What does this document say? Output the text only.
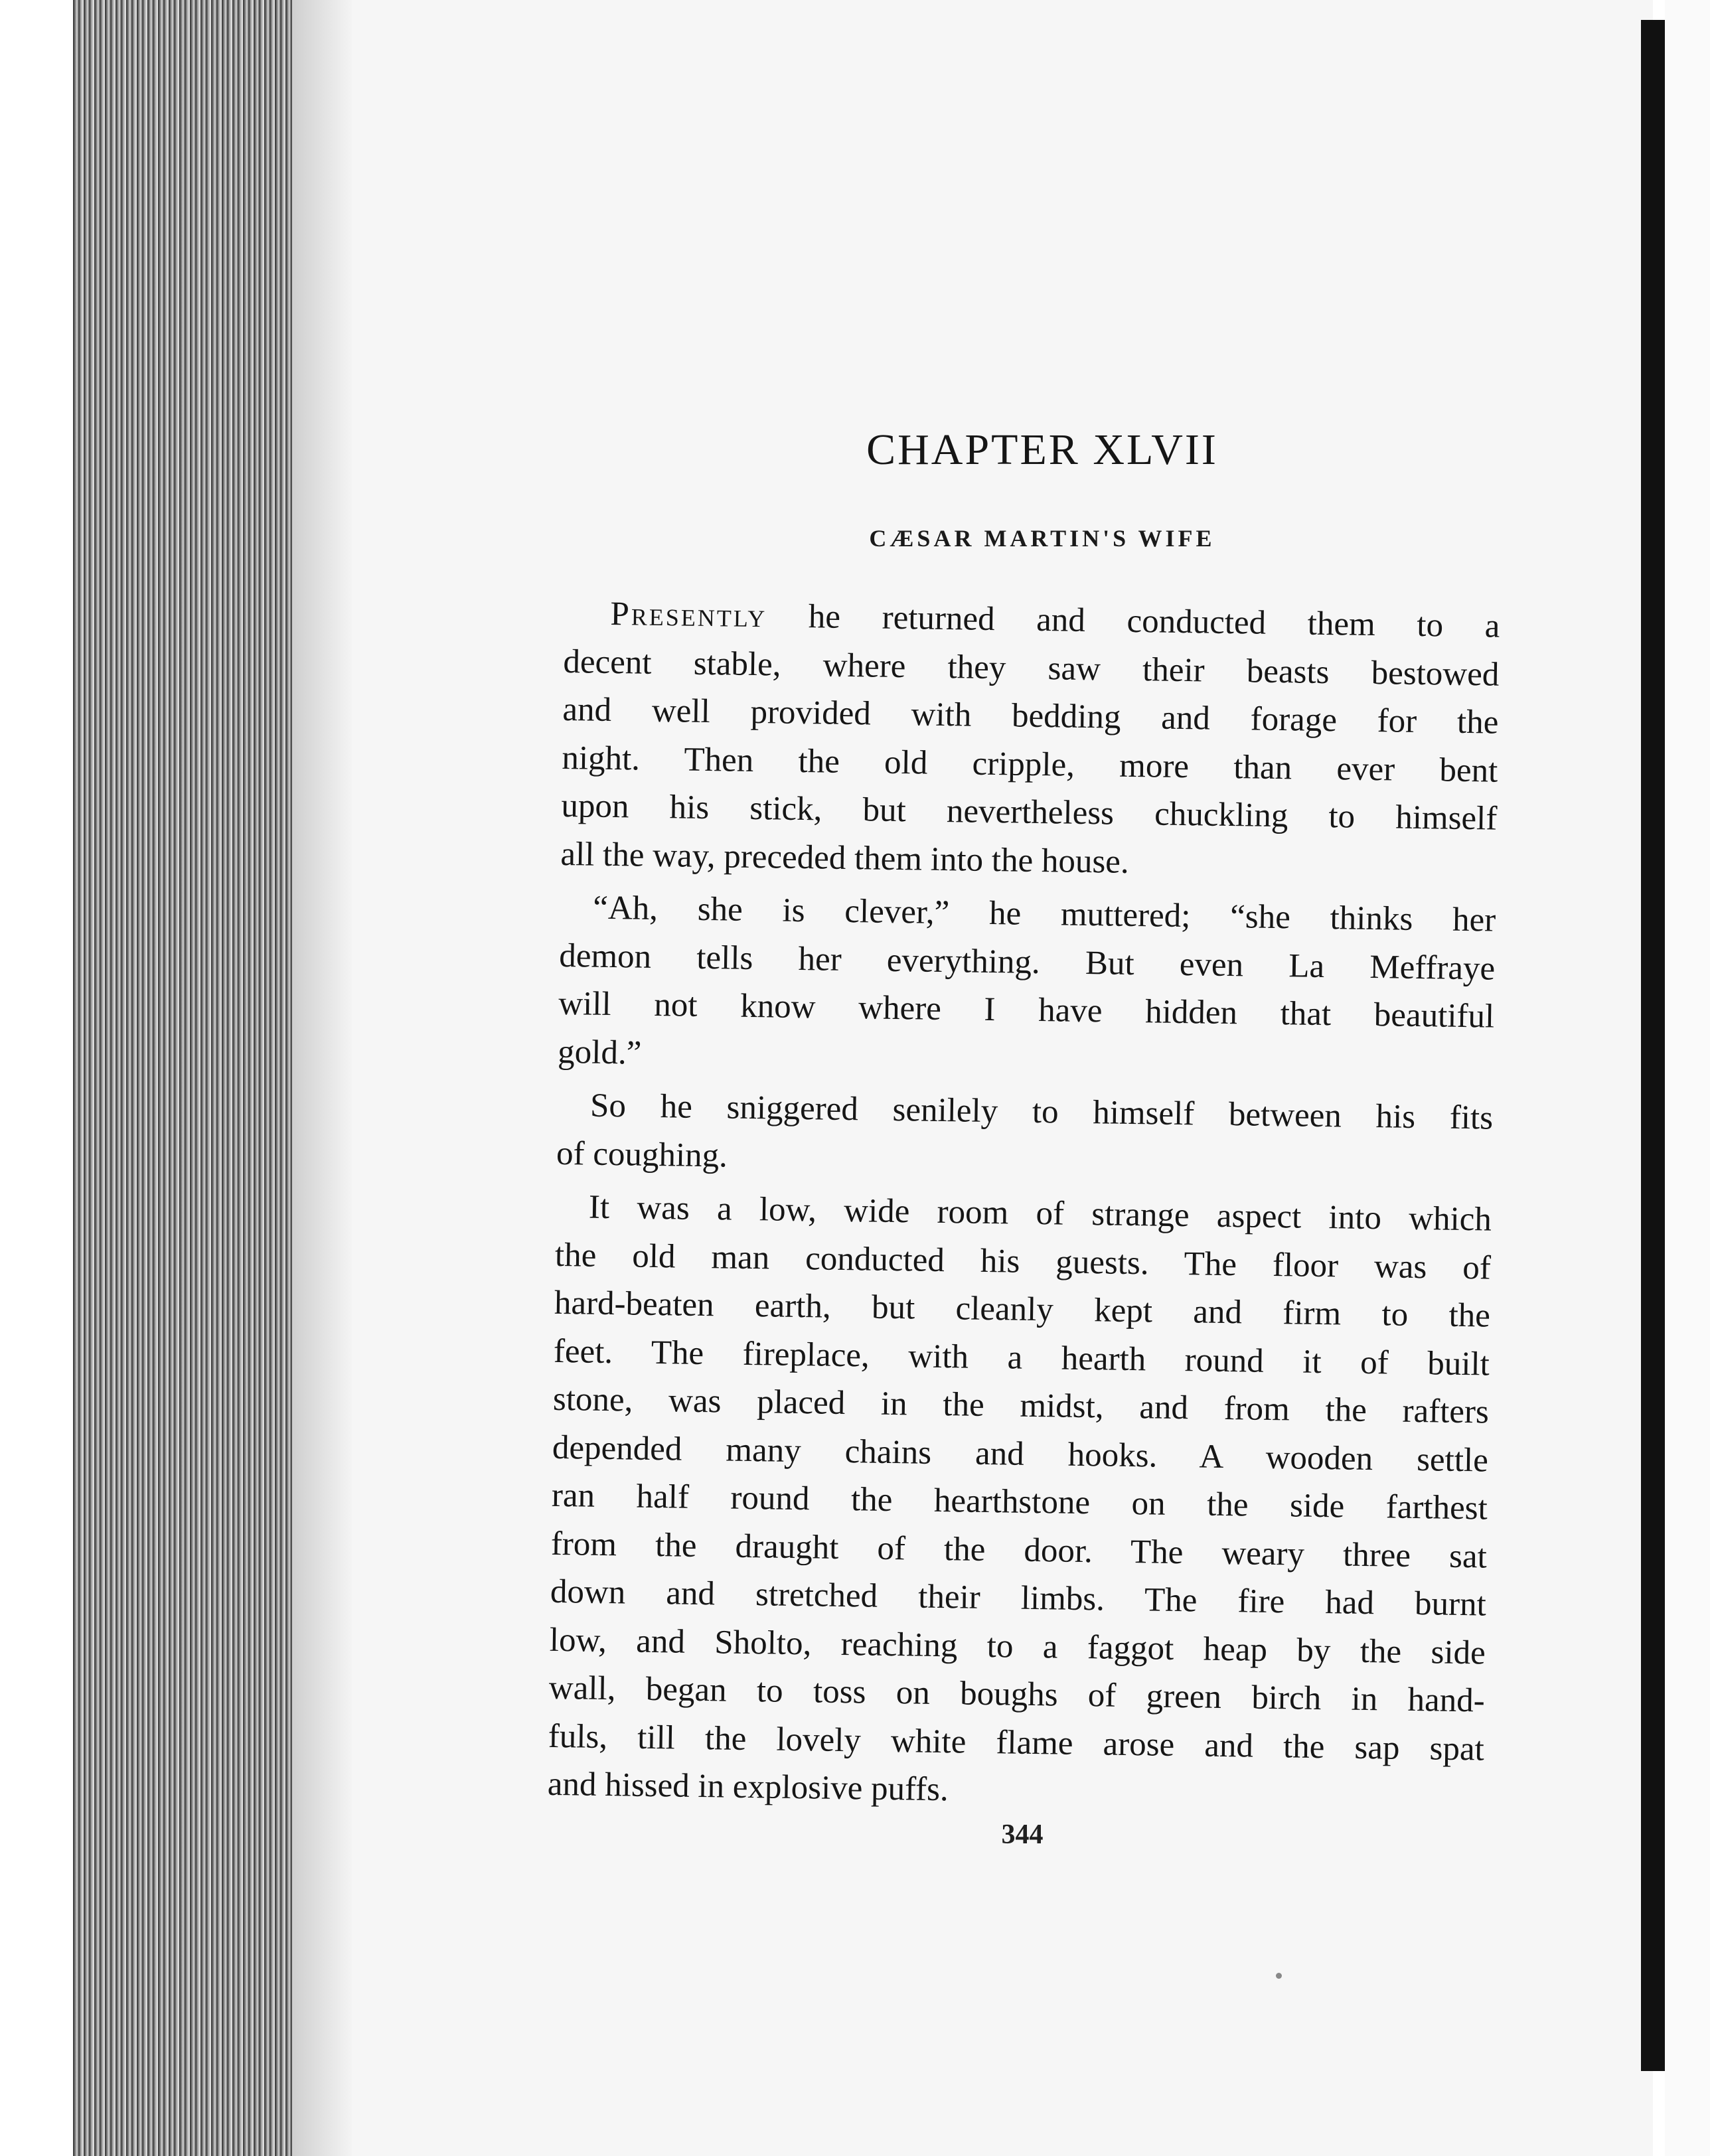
CHAPTER XLVII
CÆSAR MARTIN'S WIFE
Presently he returned and conducted them to a
decent stable, where they saw their beasts bestowed
and well provided with bedding and forage for the
night. Then the old cripple, more than ever bent
upon his stick, but nevertheless chuckling to himself
all the way, preceded them into the house.
“Ah, she is clever,” he muttered; “she thinks her
demon tells her everything. But even La Meffraye
will not know where I have hidden that beautiful
gold.”
So he sniggered senilely to himself between his fits
of coughing.
It was a low, wide room of strange aspect into which
the old man conducted his guests. The floor was of
hard-beaten earth, but cleanly kept and firm to the
feet. The fireplace, with a hearth round it of built
stone, was placed in the midst, and from the rafters
depended many chains and hooks. A wooden settle
ran half round the hearthstone on the side farthest
from the draught of the door. The weary three sat
down and stretched their limbs. The fire had burnt
low, and Sholto, reaching to a faggot heap by the side
wall, began to toss on boughs of green birch in hand-
fuls, till the lovely white flame arose and the sap spat
and hissed in explosive puffs.
344
